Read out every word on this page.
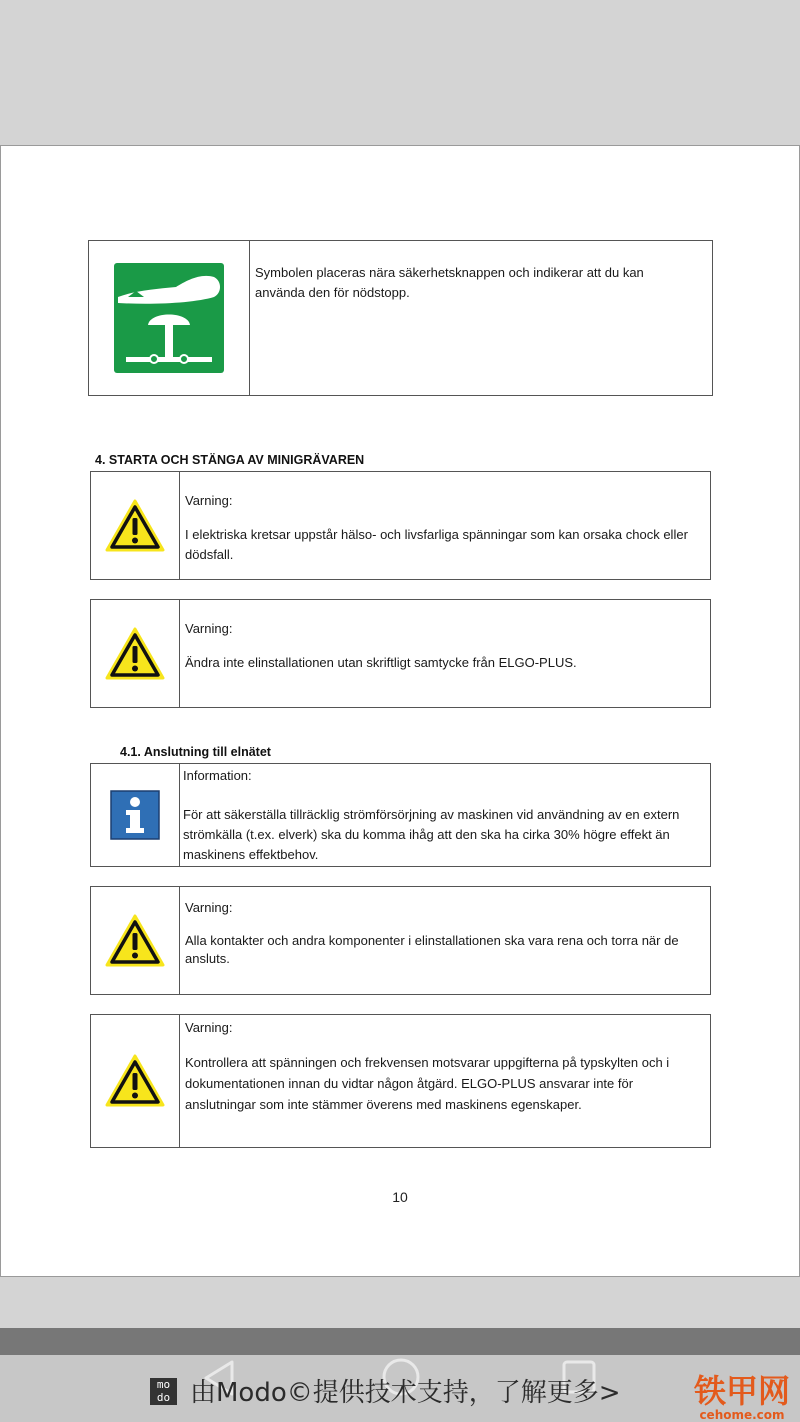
Symbolen placeras nära säkerhetsknappen och indikerar att du kan använda den för nödstopp.

4. STARTA OCH STÄNGA AV MINIGRÄVAREN

Varning:

I elektriska kretsar uppstår hälso- och livsfarliga spänningar som kan orsaka chock eller dödsfall.

Varning:

Ändra inte elinstallationen utan skriftligt samtycke från ELGO-PLUS.

4.1. Anslutning till elnätet

Information:

För att säkerställa tillräcklig strömförsörjning av maskinen vid användning av en extern strömkälla (t.ex. elverk) ska du komma ihåg att den ska ha cirka 30% högre effekt än maskinens effektbehov.

Varning:

Alla kontakter och andra komponenter i elinstallationen ska vara rena och torra när de ansluts.

Varning:

Kontrollera att spänningen och frekvensen motsvarar uppgifterna på typskylten och i dokumentationen innan du vidtar någon åtgärd. ELGO-PLUS ansvarar inte för anslutningar som inte stämmer överens med maskinens egenskaper.

10
mo do 由Modo©提供技术支持，了解更多> 铁甲网
cehome.com
